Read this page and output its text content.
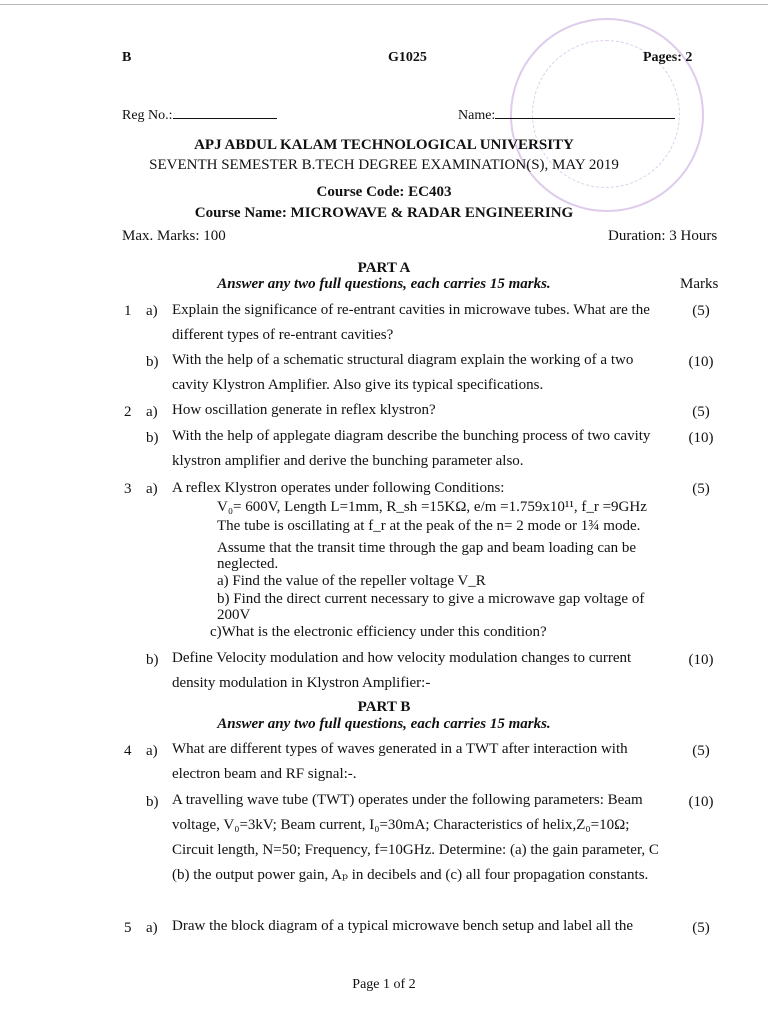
B	G1025	Pages: 2
Reg No.:	Name:
APJ ABDUL KALAM TECHNOLOGICAL UNIVERSITY
SEVENTH SEMESTER B.TECH DEGREE EXAMINATION(S), MAY 2019
Course Code: EC403
Course Name: MICROWAVE & RADAR ENGINEERING
Max. Marks: 100	Duration: 3 Hours
PART A
Answer any two full questions, each carries 15 marks.	Marks
1 a) Explain the significance of re-entrant cavities in microwave tubes. What are the different types of re-entrant cavities?
(5)
b) With the help of a schematic structural diagram explain the working of a two cavity Klystron Amplifier. Also give its typical specifications.
(10)
2 a) How oscillation generate in reflex klystron?	(5)
b) With the help of applegate diagram describe the bunching process of two cavity klystron amplifier and derive the bunching parameter also.
(10)
3 a) A reflex Klystron operates under following Conditions:	(5)
V₀= 600V, Length L=1mm, R_sh =15KΩ, e/m =1.759x10¹¹, f_r =9GHz
The tube is oscillating at f_r at the peak of the n= 2 mode or 1¾ mode.
Assume that the transit time through the gap and beam loading can be
neglected.
a) Find the value of the repeller voltage V_R
b) Find the direct current necessary to give a microwave gap voltage of
200V
c)What is the electronic efficiency under this condition?
b) Define Velocity modulation and how velocity modulation changes to current density modulation in Klystron Amplifier:-
(10)
PART B
Answer any two full questions, each carries 15 marks.
4 a) What are different types of waves generated in a TWT after interaction with electron beam and RF signal:-.
(5)
b) A travelling wave tube (TWT) operates under the following parameters: Beam voltage, V₀=3kV; Beam current, I₀=30mA; Characteristics of helix,Z₀=10Ω; Circuit length, N=50; Frequency, f=10GHz. Determine: (a) the gain parameter, C (b) the output power gain, Aₚ in decibels and (c) all four propagation constants.
(10)
5 a) Draw the block diagram of a typical microwave bench setup and label all the	(5)
Page 1 of 2
